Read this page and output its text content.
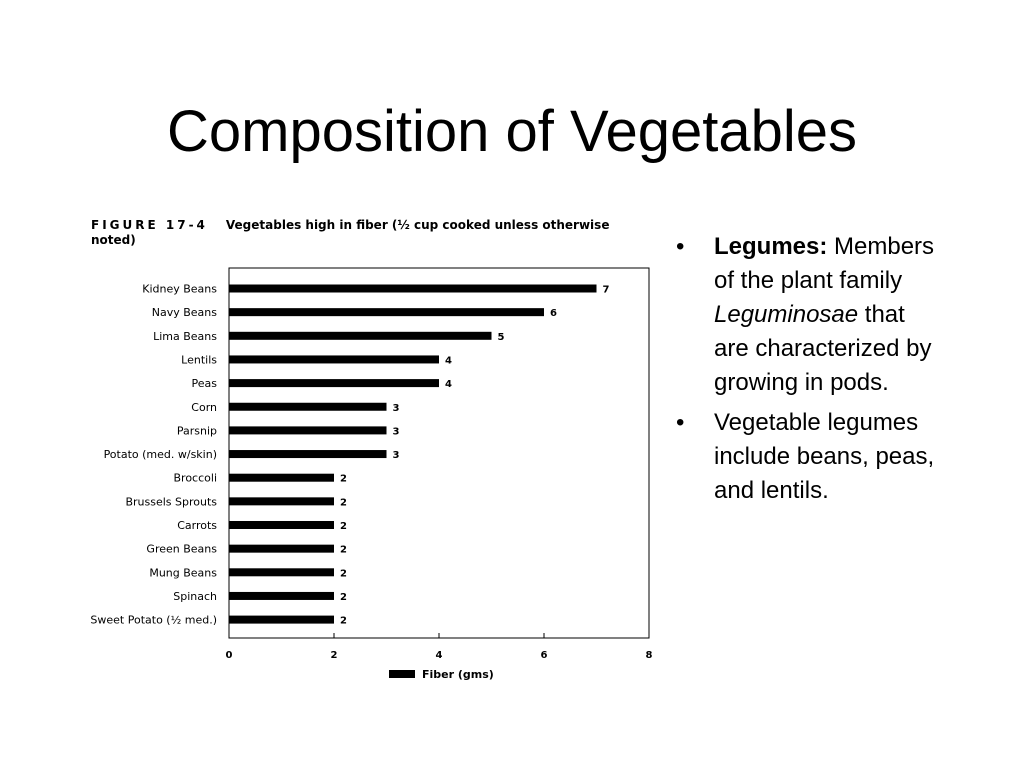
Composition of Vegetables
FIGURE 17-4 Vegetables high in fiber (½ cup cooked unless otherwise noted)
Kidney Beans	7
Navy Beans	6
Lima Beans	5
Lentils	4
Peas	4
Corn	3
Parsnip	3
Potato (med. w/skin)	3
Broccoli	2
Brussels Sprouts	2
Carrots	2
Green Beans	2
Mung Beans	2
Spinach	2
Sweet Potato (½ med.)	2
0	2	4	6	8
Fiber (gms)
• Legumes: Members of the plant family Leguminosae that are characterized by growing in pods.
• Vegetable legumes include beans, peas, and lentils.
